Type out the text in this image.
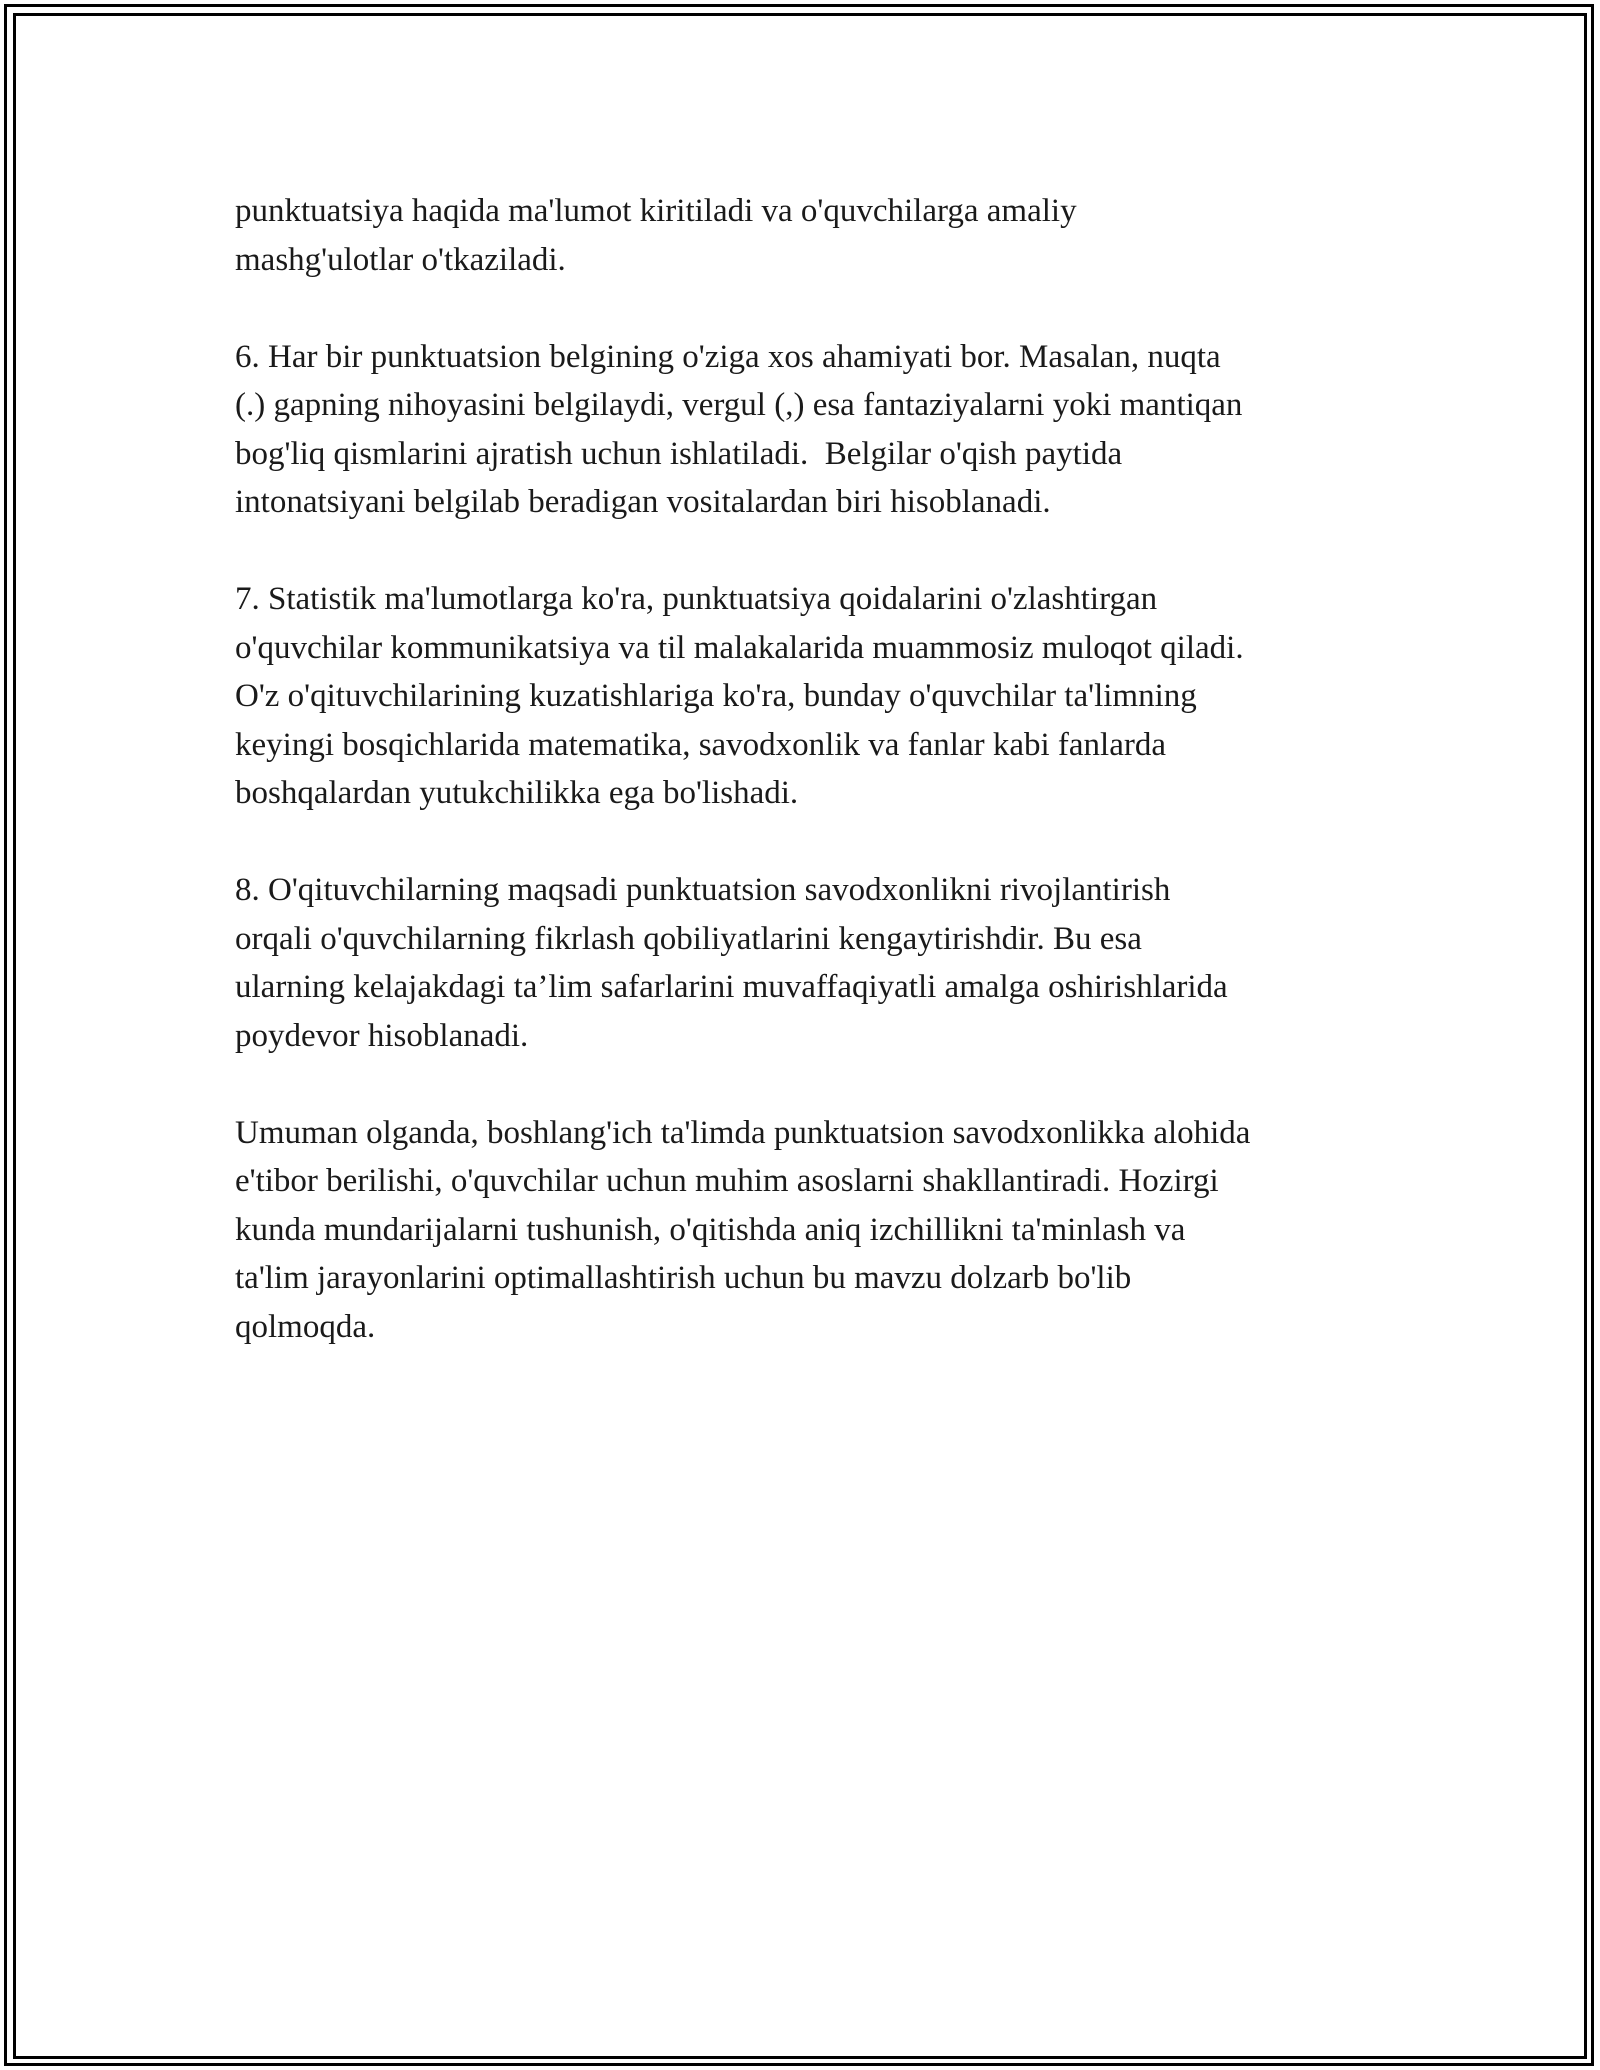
punktuatsiya haqida ma'lumot kiritiladi va o'quvchilarga amaliy
mashg'ulotlar o'tkaziladi.

6. Har bir punktuatsion belgining o'ziga xos ahamiyati bor. Masalan, nuqta
(.) gapning nihoyasini belgilaydi, vergul (,) esa fantaziyalarni yoki mantiqan
bog'liq qismlarini ajratish uchun ishlatiladi.  Belgilar o'qish paytida
intonatsiyani belgilab beradigan vositalardan biri hisoblanadi.

7. Statistik ma'lumotlarga ko'ra, punktuatsiya qoidalarini o'zlashtirgan
o'quvchilar kommunikatsiya va til malakalarida muammosiz muloqot qiladi.
O'z o'qituvchilarining kuzatishlariga ko'ra, bunday o'quvchilar ta'limning
keyingi bosqichlarida matematika, savodxonlik va fanlar kabi fanlarda
boshqalardan yutukchilikka ega bo'lishadi.

8. O'qituvchilarning maqsadi punktuatsion savodxonlikni rivojlantirish
orqali o'quvchilarning fikrlash qobiliyatlarini kengaytirishdir. Bu esa
ularning kelajakdagi ta’lim safarlarini muvaffaqiyatli amalga oshirishlarida
poydevor hisoblanadi.

Umuman olganda, boshlang'ich ta'limda punktuatsion savodxonlikka alohida
e'tibor berilishi, o'quvchilar uchun muhim asoslarni shakllantiradi. Hozirgi
kunda mundarijalarni tushunish, o'qitishda aniq izchillikni ta'minlash va
ta'lim jarayonlarini optimallashtirish uchun bu mavzu dolzarb bo'lib
qolmoqda.
